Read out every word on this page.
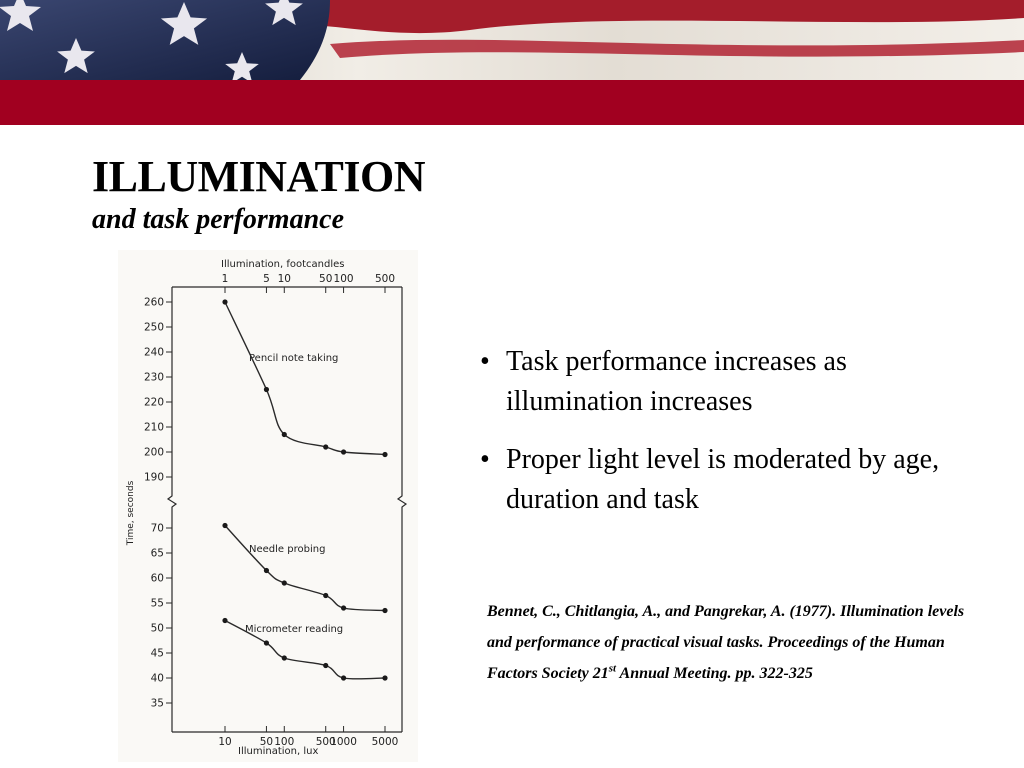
ILLUMINATION
and task performance
Illumination, footcandles
Time, seconds
Illumination, lux
Pencil note taking
Needle probing
Micrometer reading
260
250
240
230
220
210
200
190
70
65
60
55
50
45
40
35
1	5 10	50 100 500
10	50 100 500
1000 5000
• Task performance increases as illumination increases
• Proper light level is moderated by age, duration and task

Bennet, C., Chitlangia, A., and Pangrekar, A. (1977). Illumination levels and performance of practical visual tasks. Proceedings of the Human Factors Society 21st Annual Meeting. pp. 322-325
